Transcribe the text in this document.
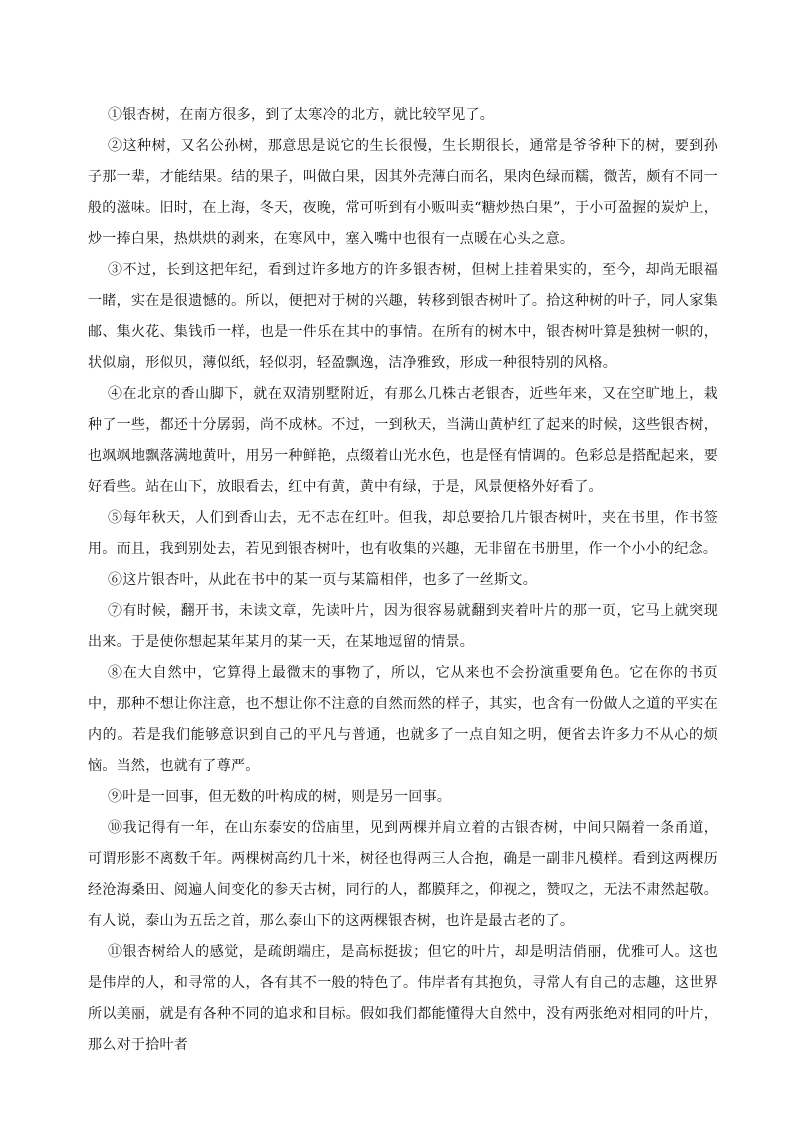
①银杏树，在南方很多，到了太寒冷的北方，就比较罕见了。

②这种树，又名公孙树，那意思是说它的生长很慢，生长期很长，通常是爷爷种下的树，要到孙子那一辈，才能结果。结的果子，叫做白果，因其外壳薄白而名，果肉色绿而糯，微苦，颇有不同一般的滋味。旧时，在上海，冬天，夜晚，常可听到有小贩叫卖“糖炒热白果”，于小可盈握的炭炉上，炒一捧白果，热烘烘的剥来，在寒风中，塞入嘴中也很有一点暖在心头之意。

③不过，长到这把年纪，看到过许多地方的许多银杏树，但树上挂着果实的，至今，却尚无眼福一睹，实在是很遗憾的。所以，便把对于树的兴趣，转移到银杏树叶了。拾这种树的叶子，同人家集邮、集火花、集钱币一样，也是一件乐在其中的事情。在所有的树木中，银杏树叶算是独树一帜的，状似扇，形似贝，薄似纸，轻似羽，轻盈飘逸，洁净雅致，形成一种很特别的风格。

④在北京的香山脚下，就在双清别墅附近，有那么几株古老银杏，近些年来，又在空旷地上，栽种了一些，都还十分孱弱，尚不成林。不过，一到秋天，当满山黄栌红了起来的时候，这些银杏树，也飒飒地飘落满地黄叶，用另一种鲜艳，点缀着山光水色，也是怪有情调的。色彩总是搭配起来，要好看些。站在山下，放眼看去，红中有黄，黄中有绿，于是，风景便格外好看了。

⑤每年秋天，人们到香山去，无不志在红叶。但我，却总要拾几片银杏树叶，夹在书里，作书签用。而且，我到别处去，若见到银杏树叶，也有收集的兴趣，无非留在书册里，作一个小小的纪念。

⑥这片银杏叶，从此在书中的某一页与某篇相伴，也多了一丝斯文。

⑦有时候，翻开书，未读文章，先读叶片，因为很容易就翻到夹着叶片的那一页，它马上就突现出来。于是使你想起某年某月的某一天，在某地逗留的情景。

⑧在大自然中，它算得上最微末的事物了，所以，它从来也不会扮演重要角色。它在你的书页中，那种不想让你注意，也不想让你不注意的自然而然的样子，其实，也含有一份做人之道的平实在内的。若是我们能够意识到自己的平凡与普通，也就多了一点自知之明，便省去许多力不从心的烦恼。当然，也就有了尊严。

⑨叶是一回事，但无数的叶构成的树，则是另一回事。

⑩我记得有一年，在山东泰安的岱庙里，见到两棵并肩立着的古银杏树，中间只隔着一条甬道，可谓形影不离数千年。两棵树高约几十米，树径也得两三人合抱，确是一副非凡模样。看到这两棵历经沧海桑田、阅遍人间变化的参天古树，同行的人，都膜拜之，仰视之，赞叹之，无法不肃然起敬。有人说，泰山为五岳之首，那么泰山下的这两棵银杏树，也许是最古老的了。

⑪银杏树给人的感觉，是疏朗端庄，是高标挺拔；但它的叶片，却是明洁俏丽，优雅可人。这也是伟岸的人，和寻常的人，各有其不一般的特色了。伟岸者有其抱负，寻常人有自己的志趣，这世界所以美丽，就是有各种不同的追求和目标。假如我们都能懂得大自然中，没有两张绝对相同的叶片，那么对于拾叶者
